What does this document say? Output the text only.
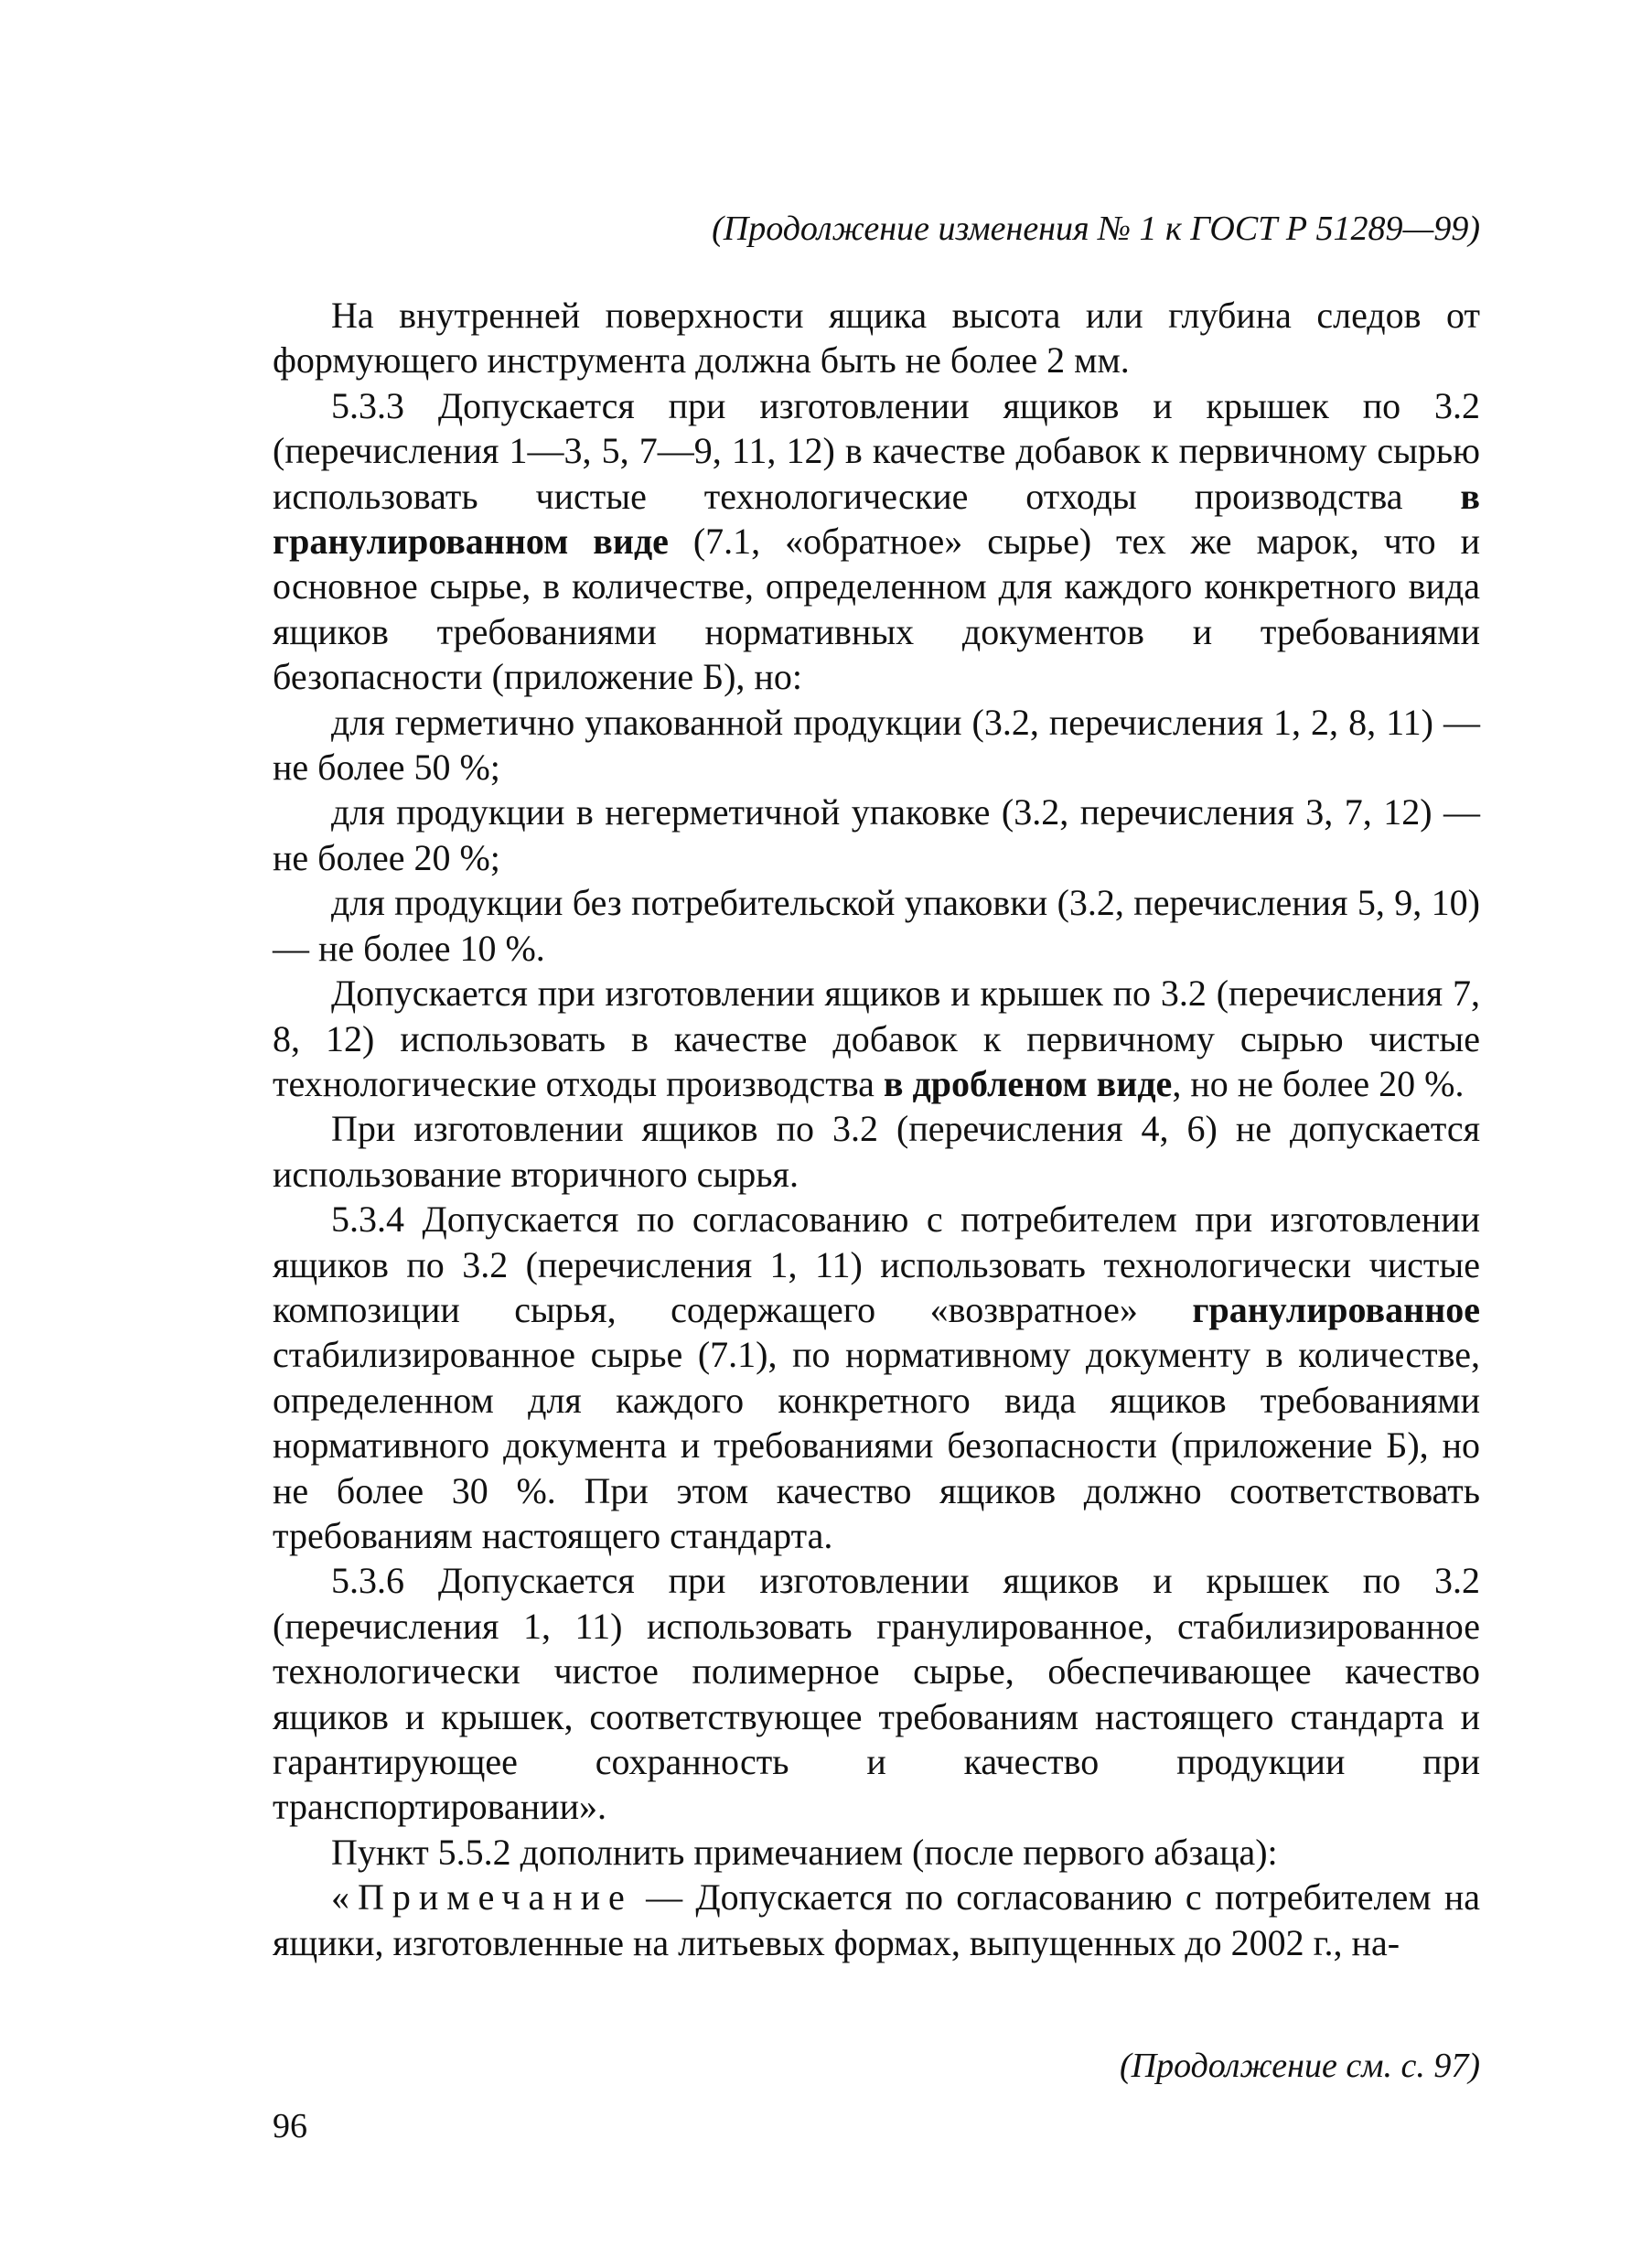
(Продолжение изменения № 1 к ГОСТ Р 51289—99)

На внутренней поверхности ящика высота или глубина следов от формующего инструмента должна быть не более 2 мм.

5.3.3 Допускается при изготовлении ящиков и крышек по 3.2 (перечисления 1—3, 5, 7—9, 11, 12) в качестве добавок к первичному сырью использовать чистые технологические отходы производства в гранулированном виде (7.1, «обратное» сырье) тех же марок, что и основное сырье, в количестве, определенном для каждого конкретного вида ящиков требованиями нормативных документов и требованиями безопасности (приложение Б), но:

для герметично упакованной продукции (3.2, перечисления 1, 2, 8, 11) — не более 50 %;

для продукции в негерметичной упаковке (3.2, перечисления 3, 7, 12) — не более 20 %;

для продукции без потребительской упаковки (3.2, перечисления 5, 9, 10) — не более 10 %.

Допускается при изготовлении ящиков и крышек по 3.2 (перечисления 7, 8, 12) использовать в качестве добавок к первичному сырью чистые технологические отходы производства в дробленом виде, но не более 20 %.

При изготовлении ящиков по 3.2 (перечисления 4, 6) не допускается использование вторичного сырья.

5.3.4 Допускается по согласованию с потребителем при изготовлении ящиков по 3.2 (перечисления 1, 11) использовать технологически чистые композиции сырья, содержащего «возвратное» гранулированное стабилизированное сырье (7.1), по нормативному документу в количестве, определенном для каждого конкретного вида ящиков требованиями нормативного документа и требованиями безопасности (приложение Б), но не более 30 %. При этом качество ящиков должно соответствовать требованиям настоящего стандарта.

5.3.6 Допускается при изготовлении ящиков и крышек по 3.2 (перечисления 1, 11) использовать гранулированное, стабилизированное технологически чистое полимерное сырье, обеспечивающее качество ящиков и крышек, соответствующее требованиям настоящего стандарта и гарантирующее сохранность и качество продукции при транспортировании».

Пункт 5.5.2 дополнить примечанием (после первого абзаца):

«Примечание — Допускается по согласованию с потребителем на ящики, изготовленные на литьевых формах, выпущенных до 2002 г., на-

(Продолжение см. с. 97)
96
